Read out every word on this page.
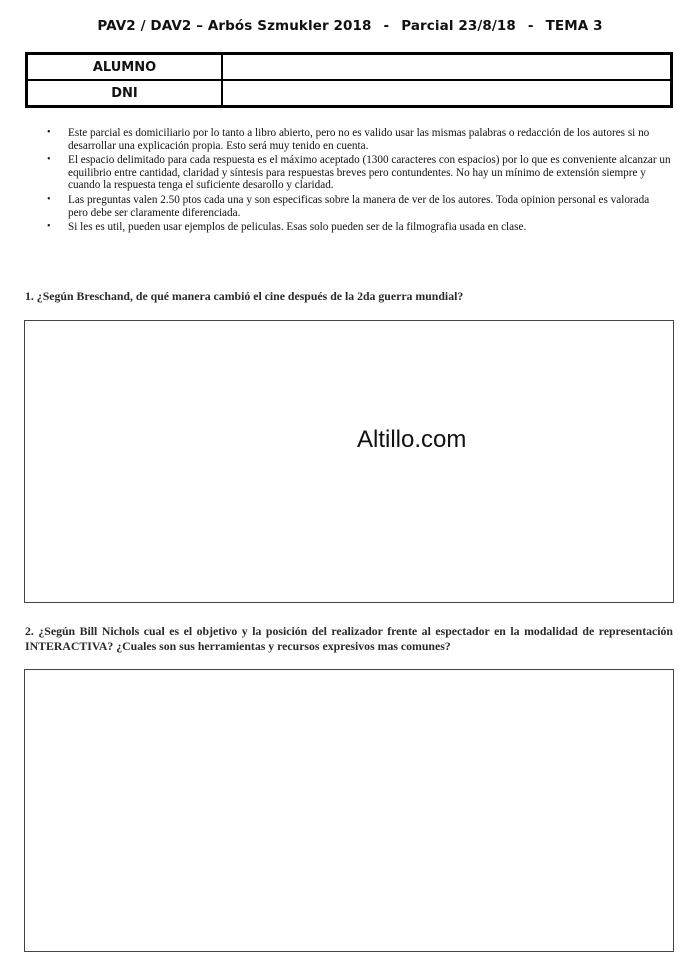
PAV2 / DAV2 – Arbós Szmukler 2018 - Parcial 23/8/18 - TEMA 3
ALUMNO	
DNI	
• Este parcial es domiciliario por lo tanto a libro abierto, pero no es valido usar las mismas palabras o redacción de los autores si no desarrollar una explicación propia. Esto será muy tenido en cuenta.
• El espacio delimitado para cada respuesta es el máximo aceptado (1300 caracteres con espacios) por lo que es conveniente alcanzar un equilibrio entre cantidad, claridad y síntesis para respuestas breves pero contundentes. No hay un mínimo de extensión siempre y cuando la respuesta tenga el suficiente desarollo y claridad.
• Las preguntas valen 2.50 ptos cada una y son especificas sobre la manera de ver de los autores. Toda opinion personal es valorada pero debe ser claramente diferenciada.
• Si les es util, pueden usar ejemplos de peliculas. Esas solo pueden ser de la filmografia usada en clase.
1. ¿Según Breschand, de qué manera cambió el cine después de la 2da guerra mundial?
Altillo.com
2. ¿Según Bill Nichols cual es el objetivo y la posición del realizador frente al espectador en la modalidad de representación INTERACTIVA? ¿Cuales son sus herramientas y recursos expresivos mas comunes?
